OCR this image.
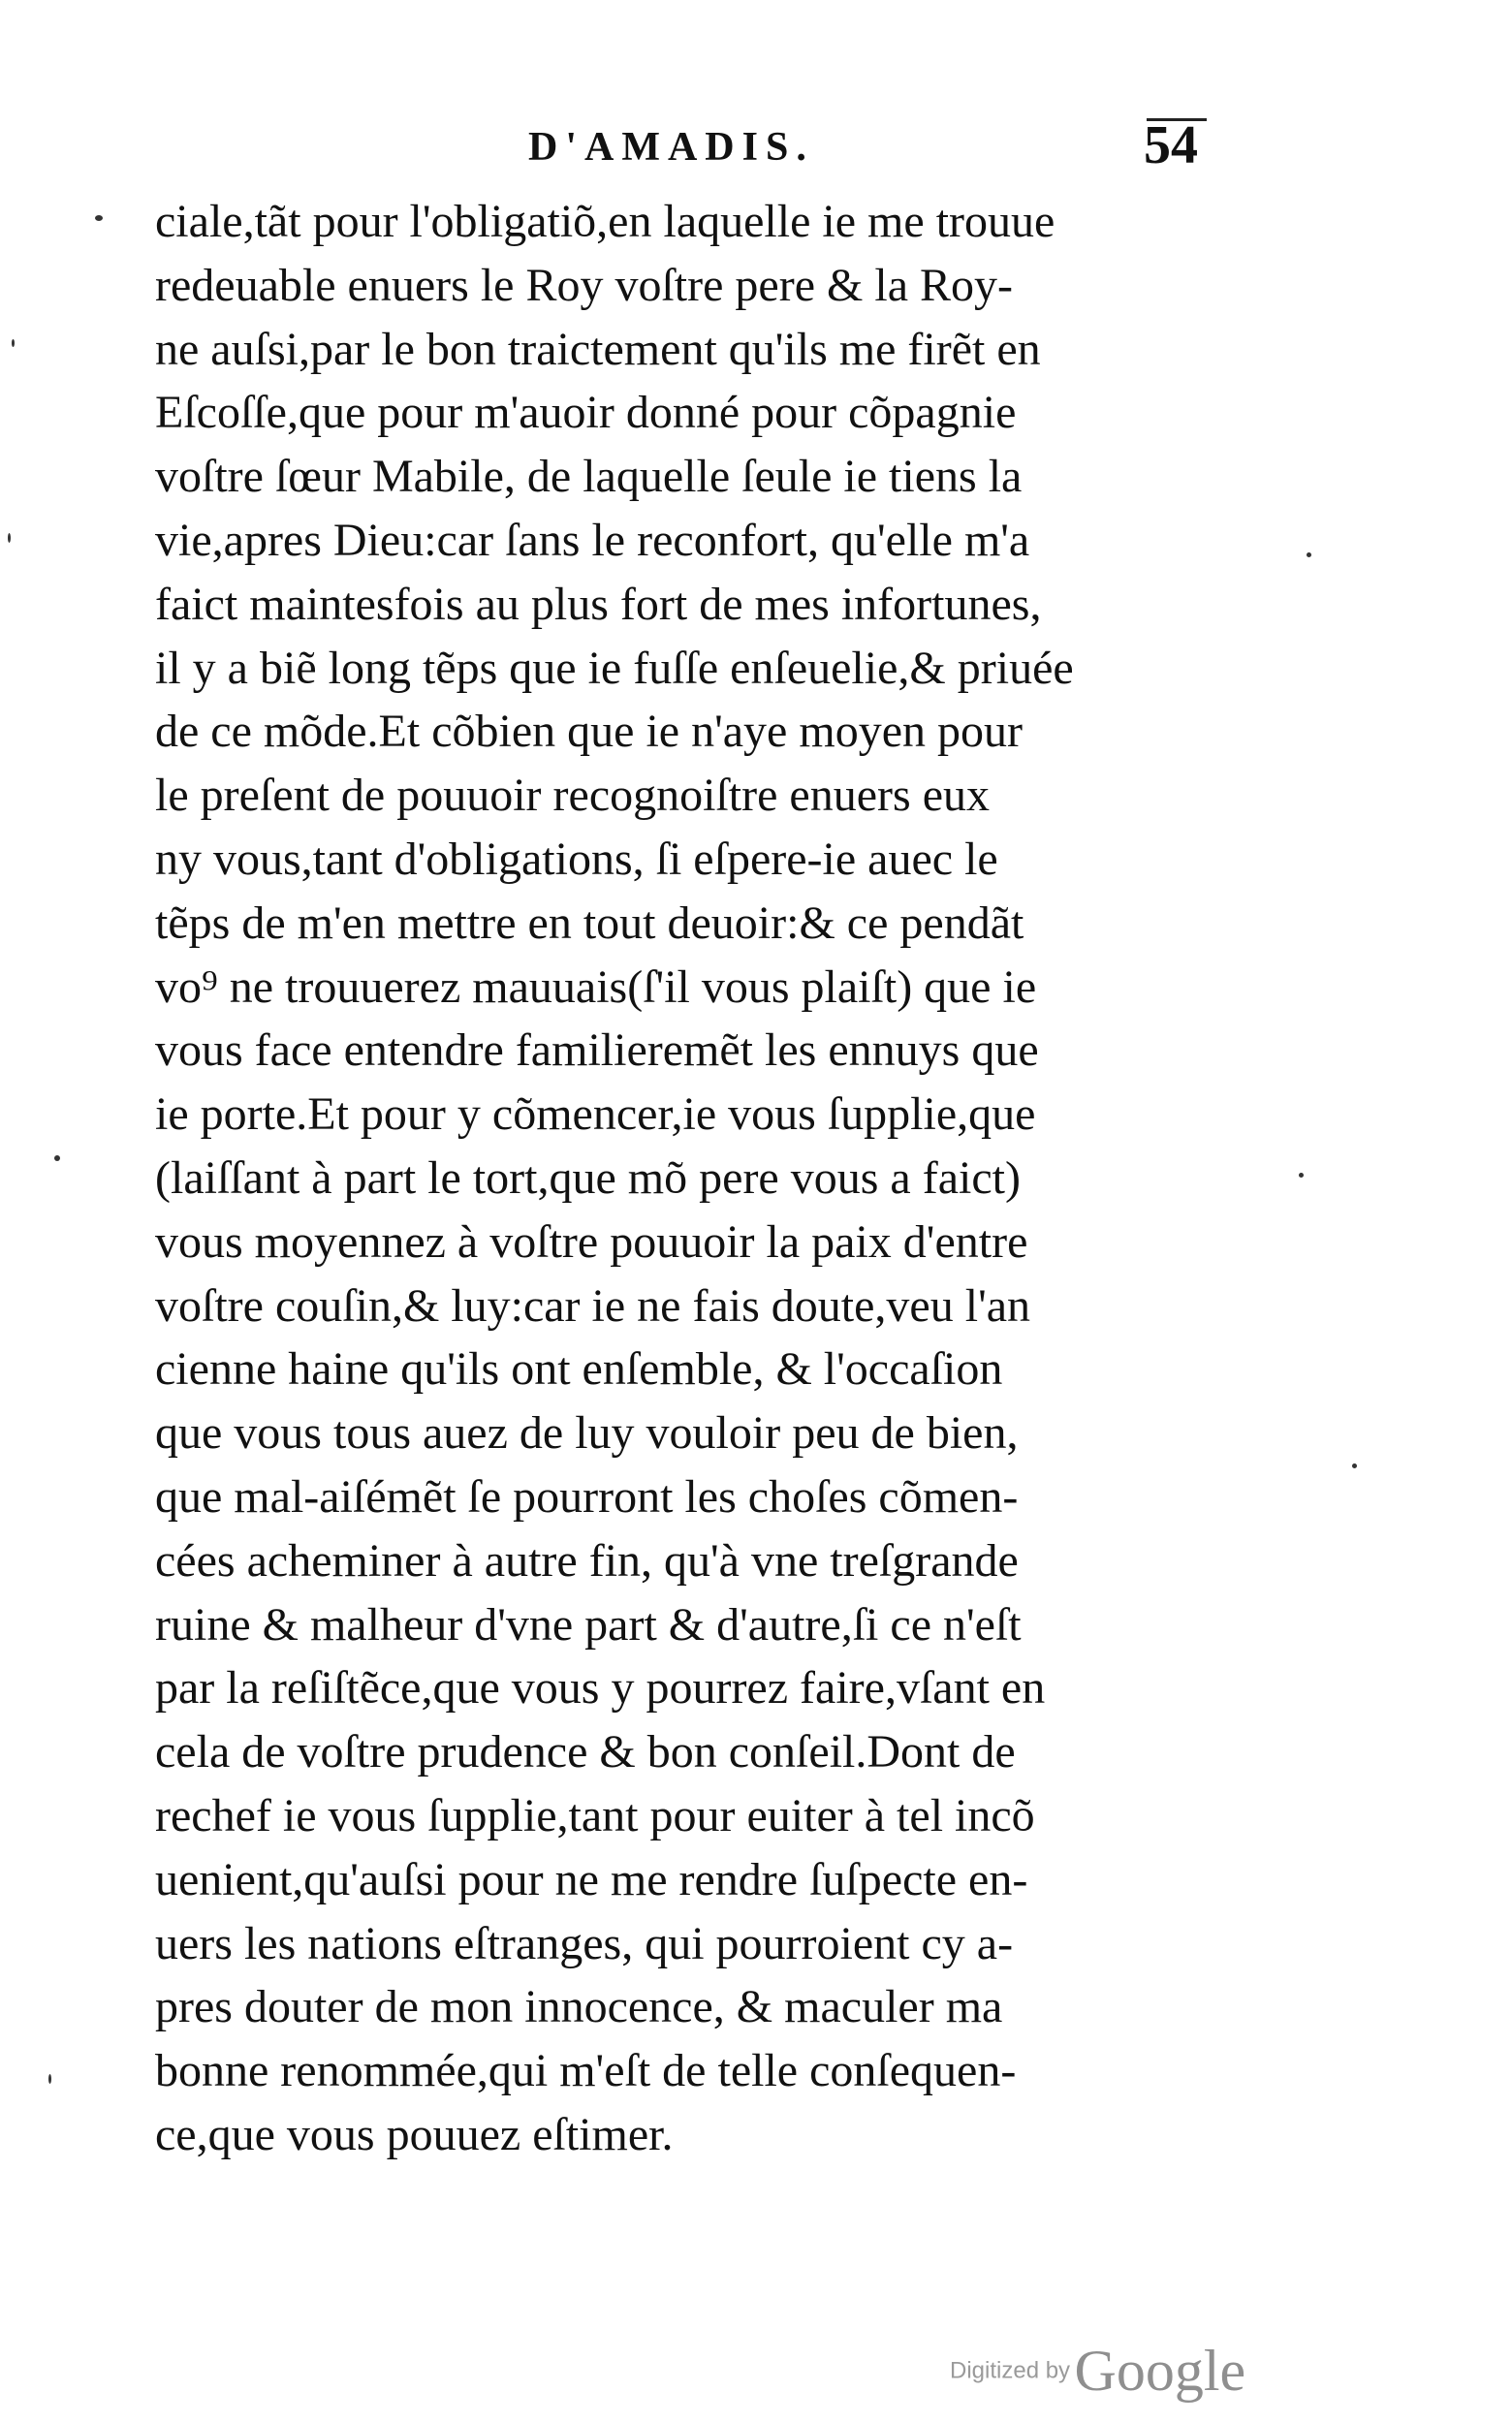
D'AMADIS.	54
ciale,tãt pour l'obligatiõ,en laquelle ie me trouue
redeuable enuers le Roy voſtre pere & la Roy-
ne auſsi,par le bon traictement qu'ils me firẽt en
Eſcoſſe,que pour m'auoir donné pour cõpagnie
voſtre ſœur Mabile, de laquelle ſeule ie tiens la
vie,apres Dieu:car ſans le reconfort, qu'elle m'a
faict maintesfois au plus fort de mes infortunes,
il y a biẽ long tẽps que ie fuſſe enſeuelie,& priuée
de ce mõde.Et cõbien que ie n'aye moyen pour
le preſent de pouuoir recognoiſtre enuers eux
ny vous,tant d'obligations, ſi eſpere-ie auec le
tẽps de m'en mettre en tout deuoir:& ce pendãt
vo⁹ ne trouuerez mauuais(ſ'il vous plaiſt) que ie
vous face entendre familieremẽt les ennuys que
ie porte.Et pour y cõmencer,ie vous ſupplie,que
(laiſſant à part le tort,que mõ pere vous a faict)
vous moyennez à voſtre pouuoir la paix d'entre
voſtre couſin,& luy:car ie ne fais doute,veu l'an
cienne haine qu'ils ont enſemble, & l'occaſion
que vous tous auez de luy vouloir peu de bien,
que mal-aiſémẽt ſe pourront les choſes cõmen-
cées acheminer à autre fin, qu'à vne treſgrande
ruine & malheur d'vne part & d'autre,ſi ce n'eſt
par la reſiſtẽce,que vous y pourrez faire,vſant en
cela de voſtre prudence & bon conſeil.Dont de
rechef ie vous ſupplie,tant pour euiter à tel incõ
uenient,qu'auſsi pour ne me rendre ſuſpecte en-
uers les nations eſtranges, qui pourroient cy a-
pres douter de mon innocence, & maculer ma
bonne renommée,qui m'eſt de telle conſequen-
ce,que vous pouuez eſtimer.
Digitized by Google
